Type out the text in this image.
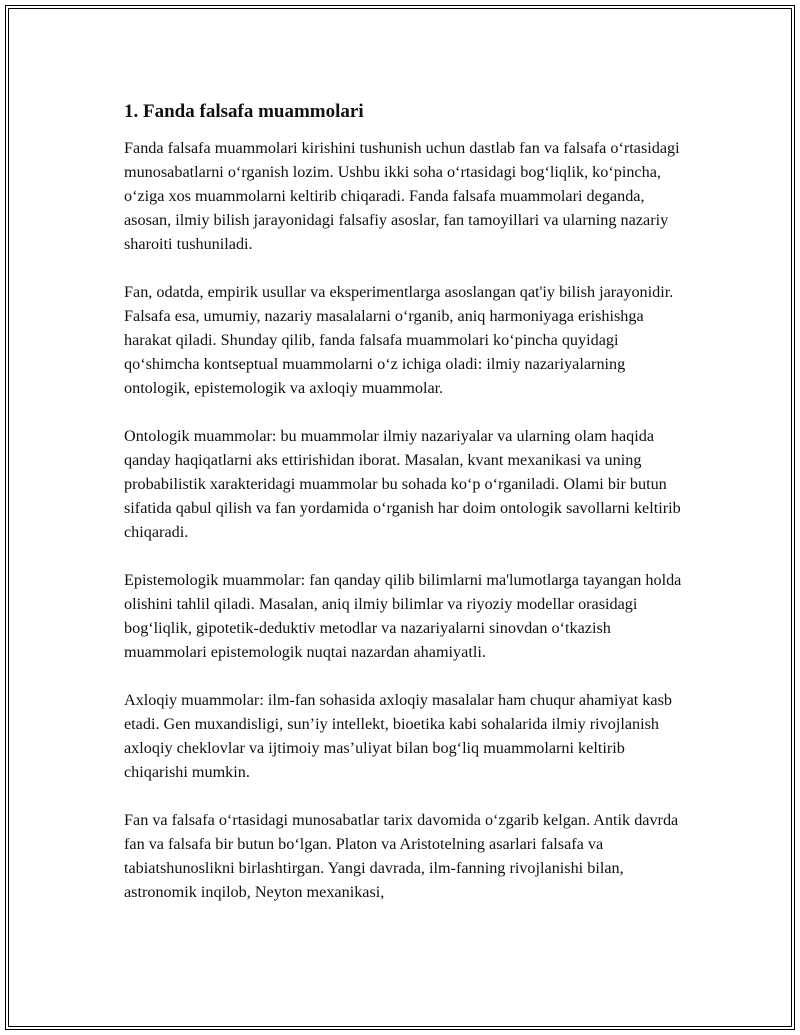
1. Fanda falsafa muammolari

Fanda falsafa muammolari kirishini tushunish uchun dastlab fan va falsafa o‘rtasidagi munosabatlarni o‘rganish lozim. Ushbu ikki soha o‘rtasidagi bog‘liqlik, ko‘pincha, o‘ziga xos muammolarni keltirib chiqaradi. Fanda falsafa muammolari deganda, asosan, ilmiy bilish jarayonidagi falsafiy asoslar, fan tamoyillari va ularning nazariy sharoiti tushuniladi.

Fan, odatda, empirik usullar va eksperimentlarga asoslangan qat'iy bilish jarayonidir. Falsafa esa, umumiy, nazariy masalalarni o‘rganib, aniq harmoniyaga erishishga harakat qiladi. Shunday qilib, fanda falsafa muammolari ko‘pincha quyidagi qo‘shimcha kontseptual muammolarni o‘z ichiga oladi: ilmiy nazariyalarning ontologik, epistemologik va axloqiy muammolar.

Ontologik muammolar: bu muammolar ilmiy nazariyalar va ularning olam haqida qanday haqiqatlarni aks ettirishidan iborat. Masalan, kvant mexanikasi va uning probabilistik xarakteridagi muammolar bu sohada ko‘p o‘rganiladi. Olami bir butun sifatida qabul qilish va fan yordamida o‘rganish har doim ontologik savollarni keltirib chiqaradi.

Epistemologik muammolar: fan qanday qilib bilimlarni ma'lumotlarga tayangan holda olishini tahlil qiladi. Masalan, aniq ilmiy bilimlar va riyoziy modellar orasidagi bog‘liqlik, gipotetik-deduktiv metodlar va nazariyalarni sinovdan o‘tkazish muammolari epistemologik nuqtai nazardan ahamiyatli.

Axloqiy muammolar: ilm-fan sohasida axloqiy masalalar ham chuqur ahamiyat kasb etadi. Gen muxandisligi, sun’iy intellekt, bioetika kabi sohalarida ilmiy rivojlanish axloqiy cheklovlar va ijtimoiy mas’uliyat bilan bog‘liq muammolarni keltirib chiqarishi mumkin.

Fan va falsafa o‘rtasidagi munosabatlar tarix davomida o‘zgarib kelgan. Antik davrda fan va falsafa bir butun bo‘lgan. Platon va Aristotelning asarlari falsafa va tabiatshunoslikni birlashtirgan. Yangi davrada, ilm-fanning rivojlanishi bilan, astronomik inqilob, Neyton mexanikasi,
